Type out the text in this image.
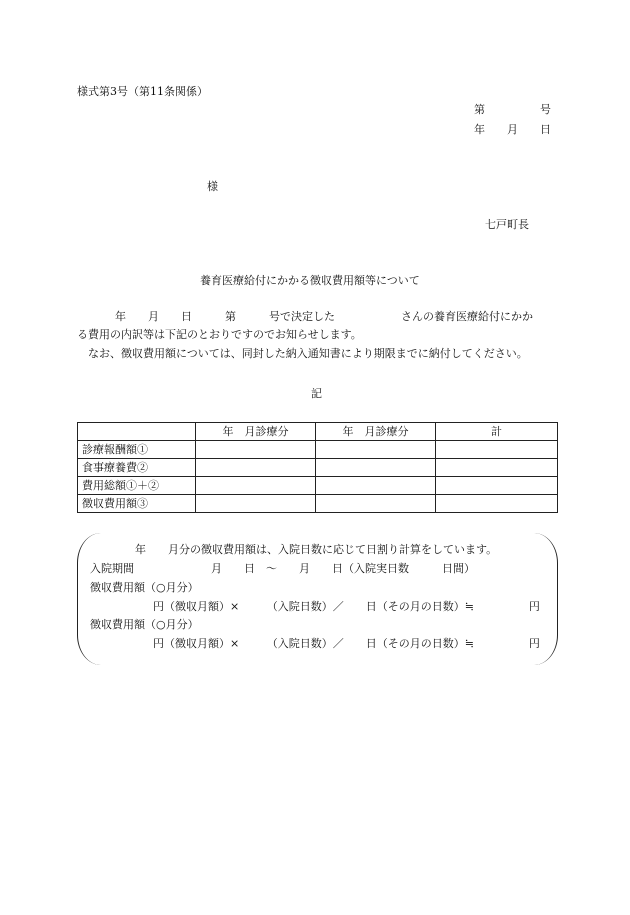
様式第3号（第11条関係）
第　　　　　号
年　　月　　日
様
七戸町長
養育医療給付にかかる徴収費用額等について
年　　月　　日　　　第　　　号で決定した　　　　　　さんの養育医療給付にかか
る費用の内訳等は下記のとおりですのでお知らせします。
なお、徴収費用額については、同封した納入通知書により期限までに納付してください。
記
	年　月診療分	年　月診療分	計
診療報酬額①			
食事療養費②			
費用総額①＋②			
徴収費用額③			
年　　月分の徴収費用額は、入院日数に応じて日割り計算をしています。
入院期間　　　　　　　月　　日　～　　月　　日（入院実日数　　　日間）
徴収費用額（○月分）
円（徴収月額）×　　　（入院日数）／　　日（その月の日数）≒　　　　　円
徴収費用額（○月分）
円（徴収月額）×　　　（入院日数）／　　日（その月の日数）≒　　　　　円
